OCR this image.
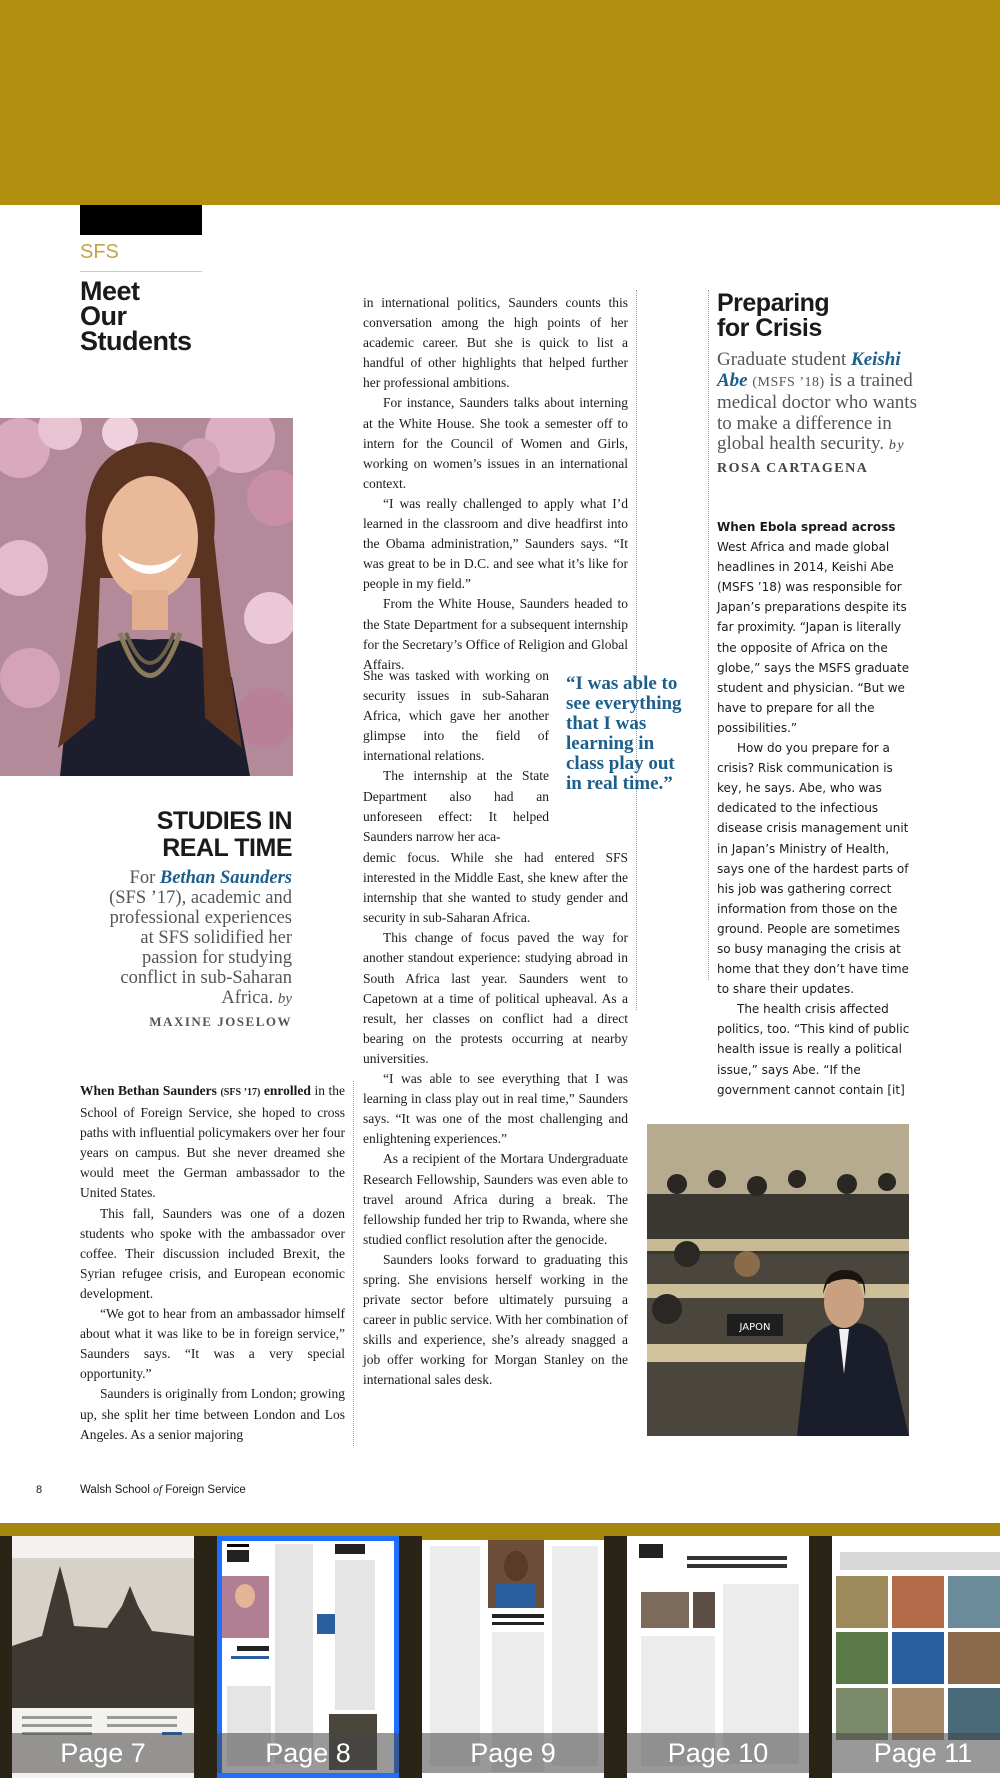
SFS
Meet
Our
Students
STUDIES IN
REAL TIME
For Bethan Saunders (SFS ’17), academic and professional experiences at SFS solidified her passion for studying conflict in sub-Saharan Africa. by
MAXINE JOSELOW

When Bethan Saunders (SFS ’17) enrolled in the School of Foreign Service, she hoped to cross paths with influential policymakers over her four years on campus. But she never dreamed she would meet the German ambassador to the United States.

This fall, Saunders was one of a dozen students who spoke with the ambassador over coffee. Their discussion included Brexit, the Syrian refugee crisis, and European economic development.

“We got to hear from an ambassador himself about what it was like to be in foreign service,” Saunders says. “It was a very special opportunity.”

Saunders is originally from London; growing up, she split her time between London and Los Angeles. As a senior majoring

in international politics, Saunders counts this conversation among the high points of her academic career. But she is quick to list a handful of other highlights that helped further her professional ambitions.

For instance, Saunders talks about interning at the White House. She took a semester off to intern for the Council of Women and Girls, working on women’s issues in an international context.

“I was really challenged to apply what I’d learned in the classroom and dive headfirst into the Obama administration,” Saunders says. “It was great to be in D.C. and see what it’s like for people in my field.”

From the White House, Saunders headed to the State Department for a subsequent internship for the Secretary’s Office of Religion and Global Affairs.

She was tasked with working on security issues in sub-Saharan Africa, which gave her another glimpse into the field of international relations.

The internship at the State Department also had an unforeseen effect: It helped Saunders narrow her aca-

demic focus. While she had entered SFS interested in the Middle East, she knew after the internship that she wanted to study gender and security in sub-Saharan Africa.

This change of focus paved the way for another standout experience: studying abroad in South Africa last year. Saunders went to Capetown at a time of political upheaval. As a result, her classes on conflict had a direct bearing on the protests occurring at nearby universities.

“I was able to see everything that I was learning in class play out in real time,” Saunders says. “It was one of the most challenging and enlightening experiences.”

As a recipient of the Mortara Undergraduate Research Fellowship, Saunders was even able to travel around Africa during a break. The fellowship funded her trip to Rwanda, where she studied conflict resolution after the genocide.

Saunders looks forward to graduating this spring. She envisions herself working in the private sector before ultimately pursuing a career in public service. With her combination of skills and experience, she’s already snagged a job offer working for Morgan Stanley on the international sales desk.

“I was able to see everything that I was learning in class play out in real time.”
Preparing
for Crisis
Graduate student Keishi Abe (MSFS ’18) is a trained medical doctor who wants to make a difference in global health security. by ROSA CARTAGENA

When Ebola spread across West Africa and made global headlines in 2014, Keishi Abe (MSFS ’18) was responsible for Japan’s preparations despite its far proximity. “Japan is literally the opposite of Africa on the globe,” says the MSFS graduate student and physician. “But we have to prepare for all the possibilities.”

How do you prepare for a crisis? Risk communication is key, he says. Abe, who was dedicated to the infectious disease crisis management unit in Japan’s Ministry of Health, says one of the hardest parts of his job was gathering correct information from those on the ground. People are sometimes so busy managing the crisis at home that they don’t have time to share their updates.

The health crisis affected politics, too. “This kind of public health issue is really a political issue,” says Abe. “If the government cannot contain [it]

JAPON
8	Walsh School of Foreign Service
Page 7	Page 8	Page 9	Page 10	Page 11
